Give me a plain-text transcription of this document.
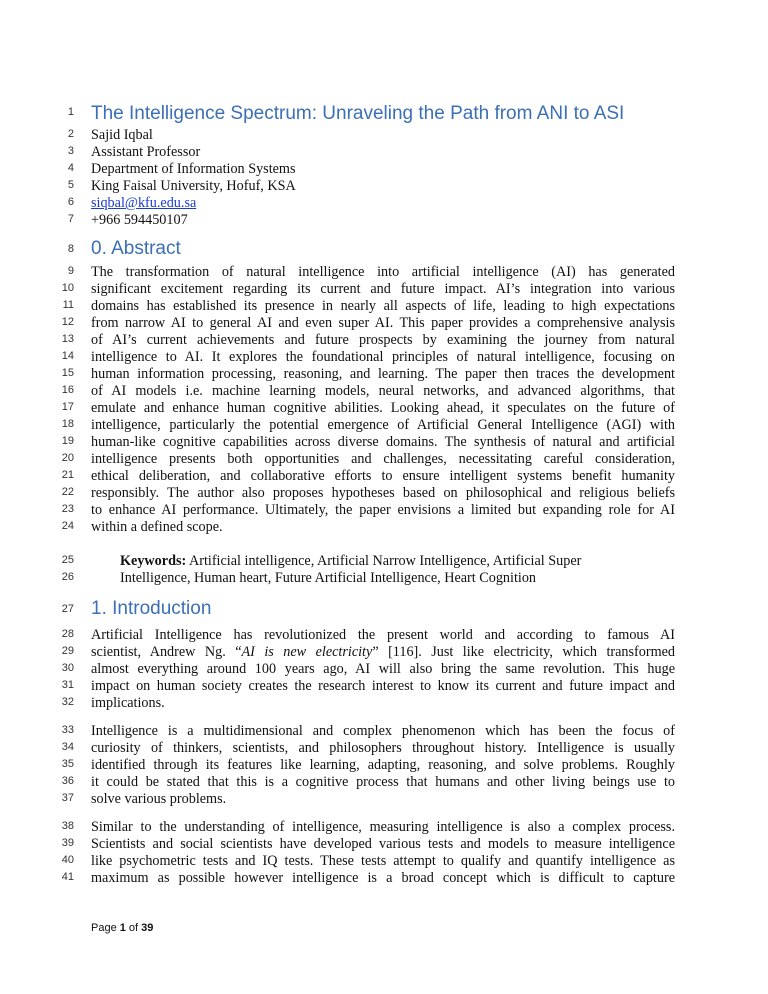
1
2
3
4
5
6
7
8
9
10
11
12
13
14
15
16
17
18
19
20
21
22
23
24
25
26
27
28
29
30
31
32
33
34
35
36
37
38
39
40
41
The Intelligence Spectrum: Unraveling the Path from ANI to ASI
Sajid Iqbal
Assistant Professor
Department of Information Systems
King Faisal University, Hofuf, KSA
siqbal@kfu.edu.sa
+966 594450107
0. Abstract
The transformation of natural intelligence into artificial intelligence (AI) has generated
significant excitement regarding its current and future impact. AI’s integration into various
domains has established its presence in nearly all aspects of life, leading to high expectations
from narrow AI to general AI and even super AI. This paper provides a comprehensive analysis
of AI’s current achievements and future prospects by examining the journey from natural
intelligence to AI. It explores the foundational principles of natural intelligence, focusing on
human information processing, reasoning, and learning. The paper then traces the development
of AI models i.e. machine learning models, neural networks, and advanced algorithms, that
emulate and enhance human cognitive abilities. Looking ahead, it speculates on the future of
intelligence, particularly the potential emergence of Artificial General Intelligence (AGI) with
human-like cognitive capabilities across diverse domains. The synthesis of natural and artificial
intelligence presents both opportunities and challenges, necessitating careful consideration,
ethical deliberation, and collaborative efforts to ensure intelligent systems benefit humanity
responsibly. The author also proposes hypotheses based on philosophical and religious beliefs
to enhance AI performance. Ultimately, the paper envisions a limited but expanding role for AI
within a defined scope.
Keywords: Artificial intelligence, Artificial Narrow Intelligence, Artificial Super
Intelligence, Human heart, Future Artificial Intelligence, Heart Cognition
1. Introduction
Artificial Intelligence has revolutionized the present world and according to famous AI
scientist, Andrew Ng. “AI is new electricity” [116]. Just like electricity, which transformed
almost everything around 100 years ago, AI will also bring the same revolution. This huge
impact on human society creates the research interest to know its current and future impact and
implications.
Intelligence is a multidimensional and complex phenomenon which has been the focus of
curiosity of thinkers, scientists, and philosophers throughout history. Intelligence is usually
identified through its features like learning, adapting, reasoning, and solve problems. Roughly
it could be stated that this is a cognitive process that humans and other living beings use to
solve various problems.
Similar to the understanding of intelligence, measuring intelligence is also a complex process.
Scientists and social scientists have developed various tests and models to measure intelligence
like psychometric tests and IQ tests. These tests attempt to qualify and quantify intelligence as
maximum as possible however intelligence is a broad concept which is difficult to capture
Page 1 of 39
